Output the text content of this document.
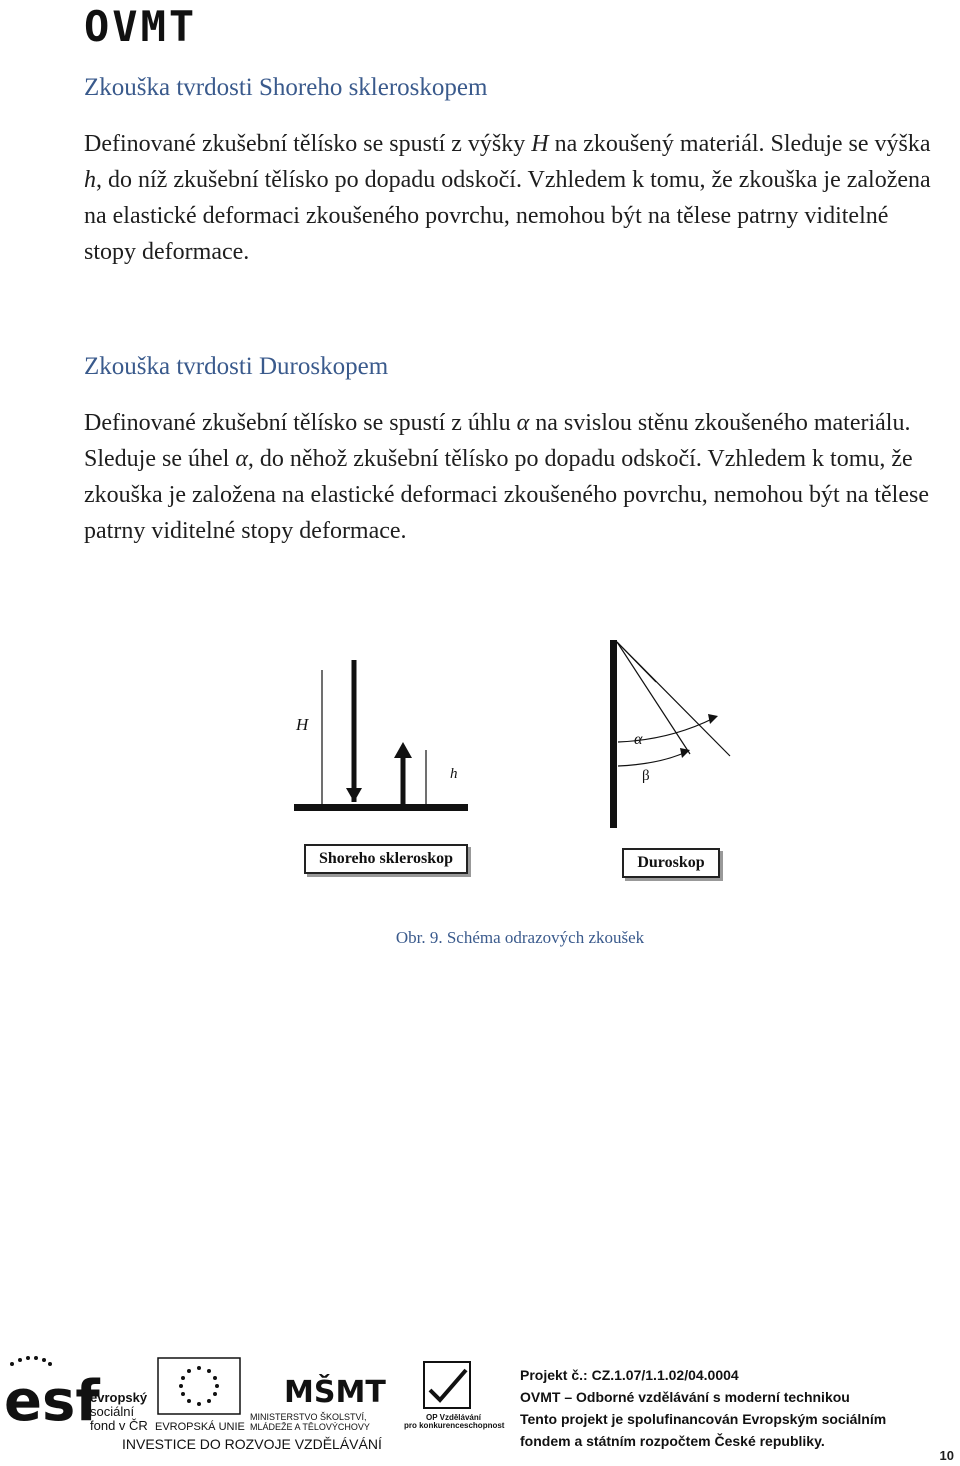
OVMT
Zkouška tvrdosti Shoreho skleroskopem

Definované zkušební tělísko se spustí z výšky H na zkoušený materiál. Sleduje se výška h, do níž zkušební tělísko po dopadu odskočí. Vzhledem k tomu, že zkouška je založena na elastické deformaci zkoušeného povrchu, nemohou být na tělese patrny viditelné stopy deformace.

Zkouška tvrdosti Duroskopem

Definované zkušební tělísko se spustí z úhlu α na svislou stěnu zkoušeného materiálu. Sleduje se úhel α, do něhož zkušební tělísko po dopadu odskočí. Vzhledem k tomu, že zkouška je založena na elastické deformaci zkoušeného povrchu, nemohou být na tělese patrny viditelné stopy deformace.

H
h
Shoreho skleroskop
α
β
Duroskop
Obr. 9. Schéma odrazových zkoušek
esf
evropský
sociální
fond v ČR EVROPSKÁ UNIE
MŠMT
MINISTERSTVO ŠKOLSTVÍ,
MLÁDEŽE A TĚLOVÝCHOVY
OP Vzdělávání
pro konkurenceschopnost
INVESTICE DO ROZVOJE VZDĚLÁVÁNÍ
Projekt č.: CZ.1.07/1.1.02/04.0004
OVMT – Odborné vzdělávání s moderní technikou
Tento projekt je spolufinancován Evropským sociálním
fondem a státním rozpočtem České republiky.
10
